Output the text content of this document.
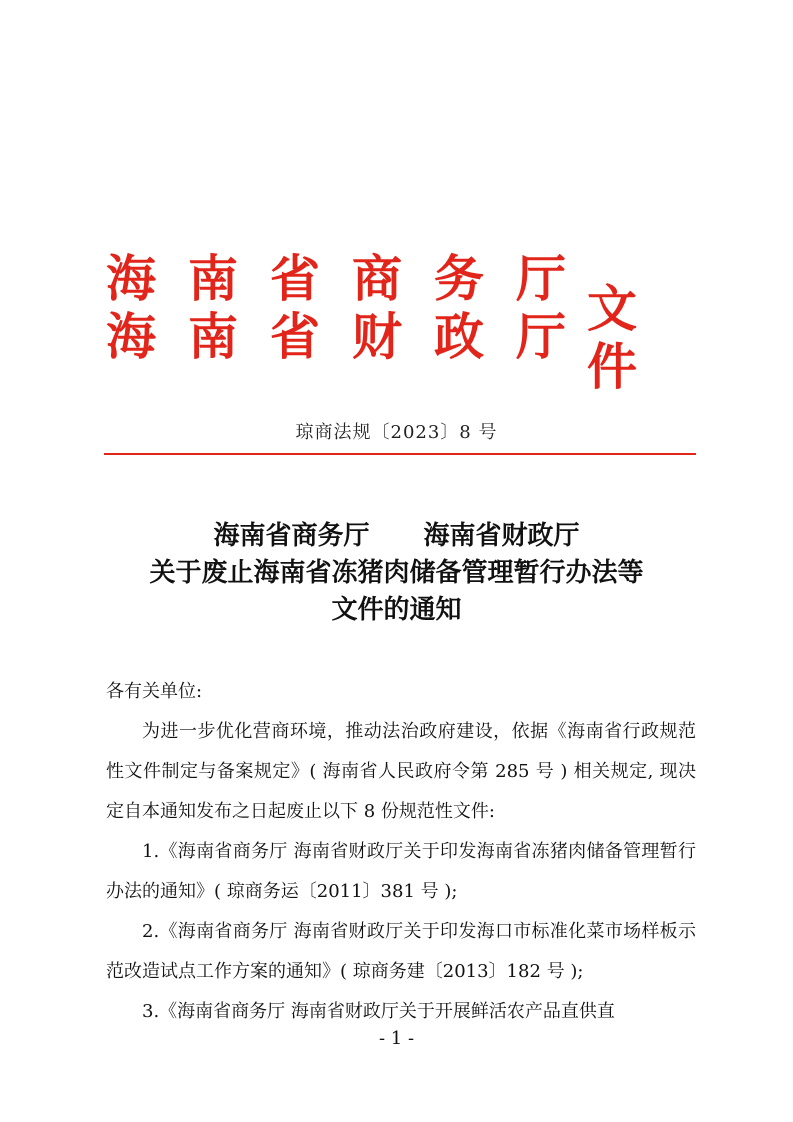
海 南 省 商 务 厅
海 南 省 财 政 厅 文件
琼商法规〔2023〕8 号
海南省商务厅 海南省财政厅
关于废止海南省冻猪肉储备管理暂行办法等
文件的通知

各有关单位:

为进一步优化营商环境，推动法治政府建设，依据《海南省行政规范性文件制定与备案规定》( 海南省人民政府令第 285 号 ) 相关规定, 现决定自本通知发布之日起废止以下 8 份规范性文件:

1.《海南省商务厅 海南省财政厅关于印发海南省冻猪肉储备管理暂行办法的通知》( 琼商务运〔2011〕381 号 );

2.《海南省商务厅 海南省财政厅关于印发海口市标准化菜市场样板示范改造试点工作方案的通知》( 琼商务建〔2013〕182 号 );

3.《海南省商务厅 海南省财政厅关于开展鲜活农产品直供直

- 1 -
